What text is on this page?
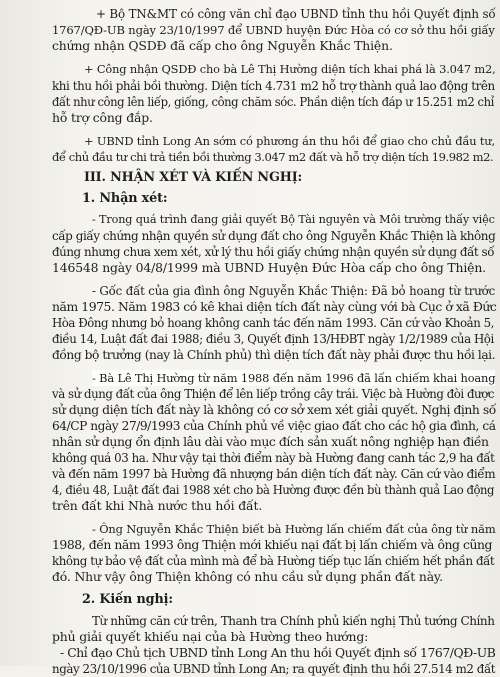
+ Bộ TN&MT có công văn chỉ đạo UBND tỉnh thu hồi Quyết định số

1767/QĐ-UB ngày 23/10/1997 để UBND huyện Đức Hòa có cơ sở thu hồi giấy

chứng nhận QSDĐ đã cấp cho ông Nguyễn Khắc Thiện.

+ Công nhận QSDĐ cho bà Lê Thị Hường diện tích khai phá là 3.047 m2,

khi thu hồi phải bồi thường. Diện tích 4.731 m2 hỗ trợ thành quả lao động trên

đất như công lên liếp, giống, công chăm sóc. Phần diện tích đáp ư 15.251 m2 chỉ

hỗ trợ công đắp.

+ UBND tỉnh Long An sớm có phương án thu hồi để giao cho chủ đầu tư,

để chủ đầu tư chi trả tiền bồi thường 3.047 m2 đất và hỗ trợ diện tích 19.982 m2.

III. NHẬN XÉT VÀ KIẾN NGHỊ:

1. Nhận xét:

- Trong quá trình đang giải quyết Bộ Tài nguyên và Môi trường thấy việc

cấp giấy chứng nhận quyền sử dụng đất cho ông Nguyễn Khắc Thiện là không

đúng nhưng chưa xem xét, xử lý thu hồi giấy chứng nhận quyền sử dụng đất số

146548 ngày 04/8/1999 mà UBND Huyện Đức Hòa cấp cho ông Thiện.

- Gốc đất của gia đình ông Nguyễn Khắc Thiện: Đã bỏ hoang từ trước

năm 1975. Năm 1983 có kê khai diện tích đất này cùng với bà Cục ở xã Đức

Hòa Đông nhưng bỏ hoang không canh tác đến năm 1993. Căn cứ vào Khoản 5,

điều 14, Luật đất đai 1988; điều 3, Quyết định 13/HĐBT ngày 1/2/1989 của Hội

đồng bộ trưởng (nay là Chính phủ) thì diện tích đất này phải được thu hồi lại.

- Bà Lê Thị Hường từ năm 1988 đến năm 1996 đã lấn chiếm khai hoang

và sử dụng đất của ông Thiện để lên liếp trồng cây trái. Việc bà Hường đòi được

sử dụng diện tích đất này là không có cơ sở xem xét giải quyết. Nghị định số

64/CP ngày 27/9/1993 của Chính phủ về việc giao đất cho các hộ gia đình, cá

nhân sử dụng ổn định lâu dài vào mục đích sản xuất nông nghiệp hạn điền

không quá 03 ha. Như vậy tại thời điểm này bà Hường đang canh tác 2,9 ha đất

và đến năm 1997 bà Hường đã nhượng bán diện tích đất này. Căn cứ vào điểm

4, điều 48, Luật đất đai 1988 xét cho bà Hường được đền bù thành quả Lao động

trên đất khi Nhà nước thu hồi đất.

- Ông Nguyễn Khắc Thiện biết bà Hường lấn chiếm đất của ông từ năm

1988, đến năm 1993 ông Thiện mới khiếu nại đất bị lấn chiếm và ông cũng

không tự bảo vệ đất của mình mà để bà Hường tiếp tục lấn chiếm hết phần đất

đó. Như vậy ông Thiện không có nhu cầu sử dụng phần đất này.

2. Kiến nghị:

Từ những căn cứ trên, Thanh tra Chính phủ kiến nghị Thủ tướng Chính

phủ giải quyết khiếu nại của bà Hường theo hướng:

- Chỉ đạo Chủ tịch UBND tỉnh Long An thu hồi Quyết định số 1767/QĐ-UB

ngày 23/10/1996 của UBND tỉnh Long An; ra quyết định thu hồi 27.514 m2 đất
